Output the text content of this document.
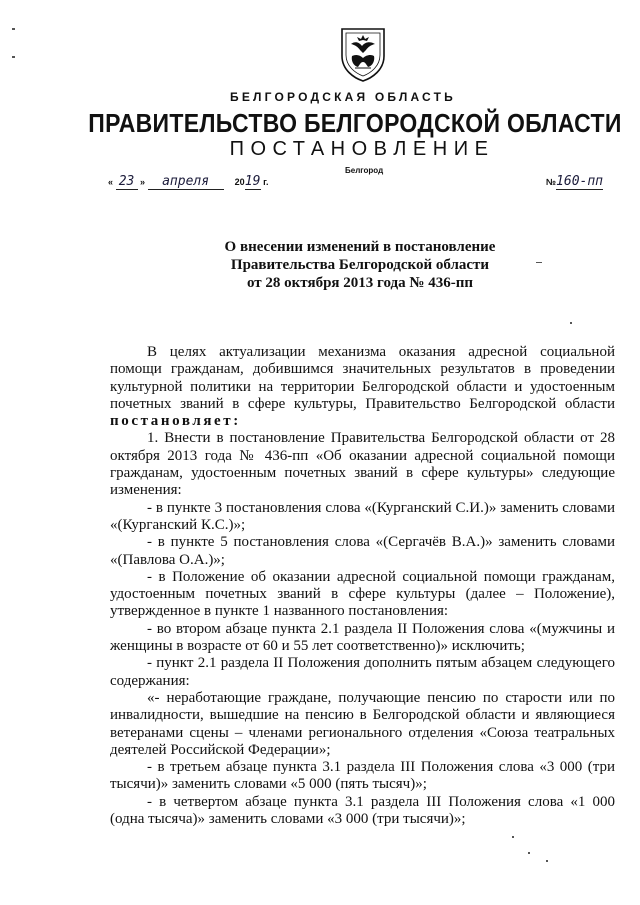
БЕЛГОРОДСКАЯ ОБЛАСТЬ
ПРАВИТЕЛЬСТВО БЕЛГОРОДСКОЙ ОБЛАСТИ
ПОСТАНОВЛЕНИЕ
Белгород
« 23 » апреля	2019 г.	№160-пп
О внесении изменений в постановление
Правительства Белгородской области
от 28 октября 2013 года № 436-пп

В целях актуализации механизма оказания адресной социальной помощи гражданам, добившимся значительных результатов в проведении культурной политики на территории Белгородской области и удостоенным почетных званий в сфере культуры, Правительство Белгородской области

постановляет:

1. Внести в постановление Правительства Белгородской области от 28 октября 2013 года № 436-пп «Об оказании адресной социальной помощи гражданам, удостоенным почетных званий в сфере культуры» следующие изменения:

- в пункте 3 постановления слова «(Курганский С.И.)» заменить словами «(Курганский К.С.)»;

- в пункте 5 постановления слова «(Сергачёв В.А.)» заменить словами «(Павлова О.А.)»;

- в Положение об оказании адресной социальной помощи гражданам, удостоенным почетных званий в сфере культуры (далее – Положение), утвержденное в пункте 1 названного постановления:

- во втором абзаце пункта 2.1 раздела II Положения слова «(мужчины и женщины в возрасте от 60 и 55 лет соответственно)» исключить;

- пункт 2.1 раздела II Положения дополнить пятым абзацем следующего содержания:

«- неработающие граждане, получающие пенсию по старости или по инвалидности, вышедшие на пенсию в Белгородской области и являющиеся ветеранами сцены – членами регионального отделения «Союза театральных деятелей Российской Федерации»;

- в третьем абзаце пункта 3.1 раздела III Положения слова «3 000 (три тысячи)» заменить словами «5 000 (пять тысяч)»;

- в четвертом абзаце пункта 3.1 раздела III Положения слова «1 000 (одна тысяча)» заменить словами «3 000 (три тысячи)»;
